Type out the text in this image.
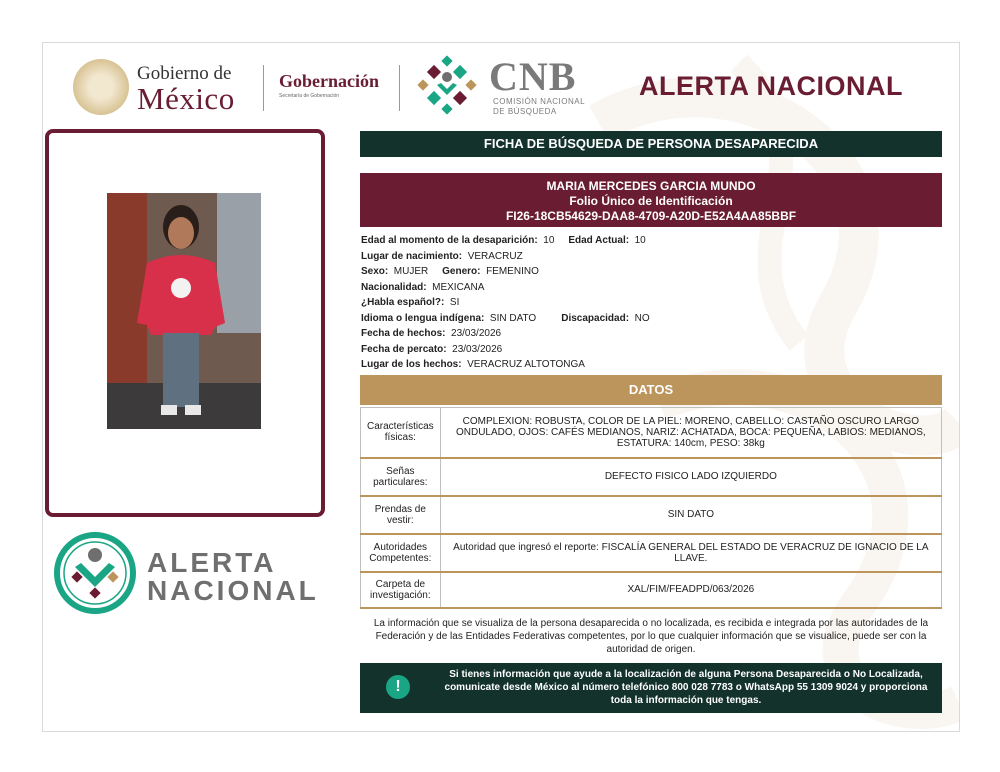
Gobierno de
México Gobernación
Secretaría de Gobernación	CNB
COMISIÓN NACIONAL
DE BÚSQUEDA
ALERTA NACIONAL
ALERTA
NACIONAL
FICHA DE BÚSQUEDA DE PERSONA DESAPARECIDA
MARIA MERCEDES GARCIA MUNDO
Folio Único de Identificación
FI26-18CB54629-DAA8-4709-A20D-E52A4AA85BBF
Edad al momento de la desaparición: 10 Edad Actual: 10
Lugar de nacimiento: VERACRUZ
Sexo: MUJER Genero: FEMENINO
Nacionalidad: MEXICANA
¿Habla español?: SI
Idioma o lengua indígena: SIN DATO	Discapacidad: NO
Fecha de hechos: 23/03/2026
Fecha de percato: 23/03/2026
Lugar de los hechos: VERACRUZ ALTOTONGA
DATOS
Características
físicas:	COMPLEXION: ROBUSTA, COLOR DE LA PIEL: MORENO, CABELLO: CASTAÑO OSCURO LARGO ONDULADO, OJOS: CAFÉS MEDIANOS, NARIZ: ACHATADA, BOCA: PEQUEÑA, LABIOS: MEDIANOS, ESTATURA: 140cm, PESO: 38kg
Señas
particulares:	DEFECTO FISICO LADO IZQUIERDO
Prendas de
vestir:	SIN DATO
Autoridades
Competentes:	Autoridad que ingresó el reporte: FISCALÍA GENERAL DEL ESTADO DE VERACRUZ DE IGNACIO DE LA LLAVE.
Carpeta de
investigación:	XAL/FIM/FEADPD/063/2026
La información que se visualiza de la persona desaparecida o no localizada, es recibida e integrada por las autoridades de la Federación y de las Entidades Federativas competentes, por lo que cualquier información que se visualice, puede ser con la autoridad de origen.
!
Si tienes información que ayude a la localización de alguna Persona Desaparecida o No Localizada, comunicate desde México al número telefónico 800 028 7783 o WhatsApp 55 1309 9024 y proporciona toda la información que tengas.
